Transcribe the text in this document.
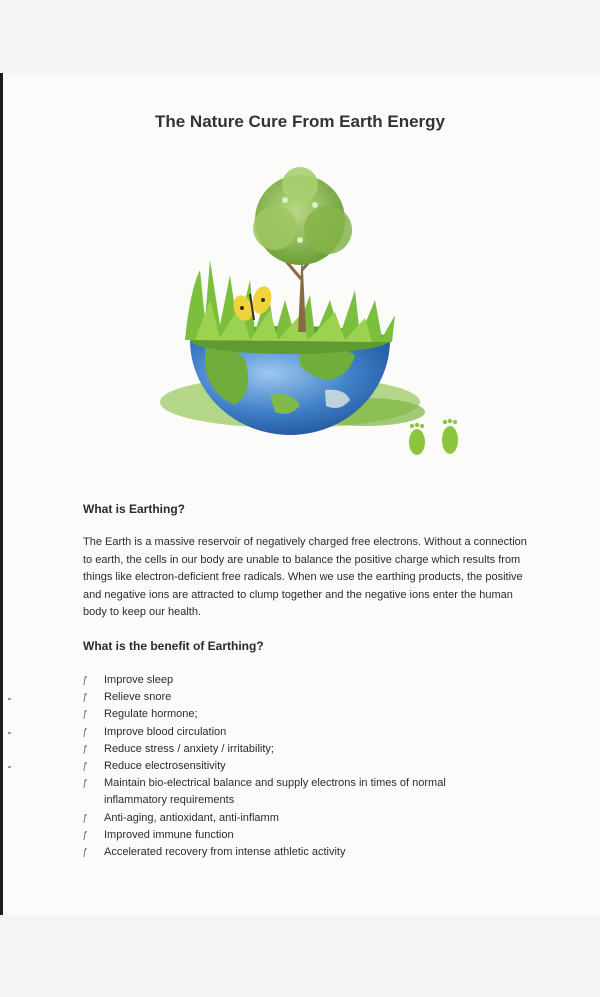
The Nature Cure From Earth Energy
What is Earthing?

The Earth is a massive reservoir of negatively charged free electrons. Without a connection to earth, the cells in our body are unable to balance the positive charge which results from things like electron-deficient free radicals. When we use the earthing products, the positive and negative ions are attracted to clump together and the negative ions enter the human body to keep our health.

What is the benefit of Earthing?
ƒ Improve sleep
ƒ Relieve snore
ƒ Regulate hormone;
ƒ Improve blood circulation
ƒ Reduce stress / anxiety / irritability;
ƒ Reduce electrosensitivity
ƒ Maintain bio-electrical balance and supply electrons in times of normal inflammatory requirements
ƒ Anti-aging, antioxidant, anti-inflamm
ƒ Improved immune function
ƒ Accelerated recovery from intense athletic activity
